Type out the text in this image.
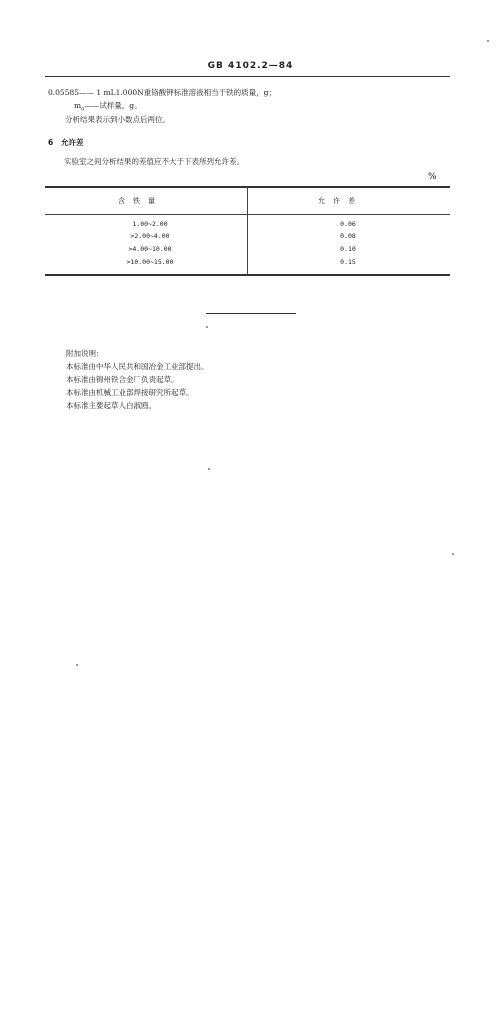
GB 4102.2—84
0.05585—— 1 mL1.000N重铬酸钾标准溶液相当于铁的质量，g；
$m_0——$试样量，g。
分析结果表示到小数点后两位。
6 允许差
实验室之间分析结果的差值应不大于下表所列允许差。
%
含铁量	允许差
1.00~2.00	0.06
>2.00~4.00	0.08
>4.00~10.00	0.10
>10.00~15.00	0.15
附加说明：
本标准由中华人民共和国冶金工业部提出。
本标准由锦州铁合金厂负责起草。
本标准由机械工业部焊接研究所起草。
本标准主要起草人白淑鸥。
